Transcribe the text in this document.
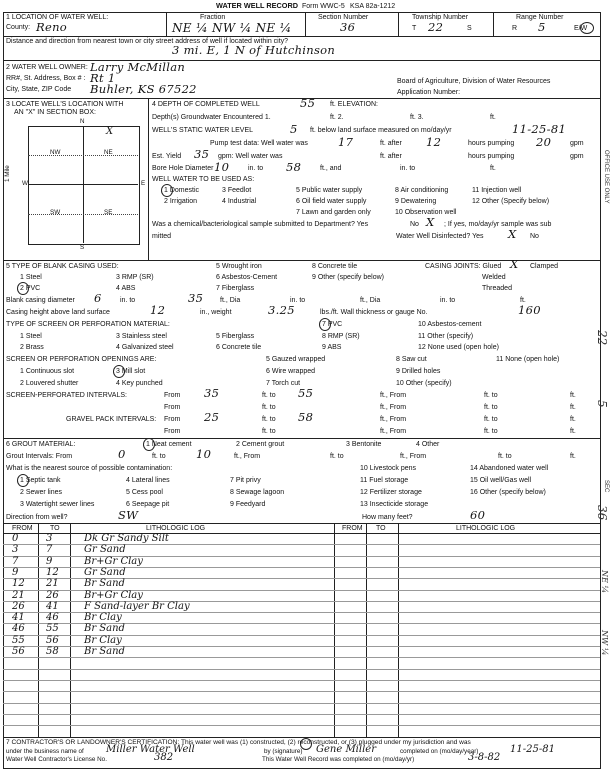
WATER WELL RECORD Form WWC-5 KSA 82a-1212
1 LOCATION OF WATER WELL:
County: Reno
Fraction
NE ¼ NW ¼ NE ¼
Section Number
36
Township Number
T 22	S
Range Number
R 5	E/W
Distance and direction from nearest town or city street address of well if located within city?
3 mi. E, 1 N of Hutchinson
2 WATER WELL OWNER: Larry McMillan
RR#, St. Address, Box # : Rt 1
City, State, ZIP Code Buhler, KS 67522
Board of Agriculture, Division of Water Resources
Application Number:
3 LOCATE WELL'S LOCATION WITH
AN "X" IN SECTION BOX:
N
S
W	E
NW	NE
SW	SE
X
1 Mile
4 DEPTH OF COMPLETED WELL	55 ft. ELEVATION:
Depth(s) Groundwater Encountered 1.	ft. 2.	ft. 3.	ft.
WELL'S STATIC WATER LEVEL	5 ft. below land surface measured on mo/day/yr	11-25-81
Pump test data: Well water was	17	ft. after 12	hours pumping 20	gpm
Est. Yield 35 gpm: Well water was	ft. after	hours pumping	gpm
Bore Hole Diameter 10	in. to 58	ft., and	in. to	ft.
WELL WATER TO BE USED AS:
1 Domestic	3 Feedlot	5 Public water supply	8 Air conditioning	11 Injection well
2 Irrigation	4 Industrial	6 Oil field water supply	9 Dewatering	12 Other (Specify below)
7 Lawn and garden only	10 Observation well
Was a chemical/bacteriological sample submitted to Department? Yes	No X ; If yes, mo/day/yr sample was sub
mitted	Water Well Disinfected? Yes X No
5 TYPE OF BLANK CASING USED:
1 Steel	3 RMP (SR)
5 Wrought iron	8 Concrete tile
2 PVC	4 ABS
6 Asbestos-Cement	9 Other (specify below)
7 Fiberglass
CASING JOINTS: Glued X Clamped
Welded
Threaded
Blank casing diameter 6	in. to	35 ft., Dia	in. to	ft., Dia	in. to	ft.
Casing height above land surface	12	in., weight	3.25	lbs./ft. Wall thickness or gauge No.	160
TYPE OF SCREEN OR PERFORATION MATERIAL:
1 Steel	3 Stainless steel	5 Fiberglass
7 PVC	10 Asbestos-cement
2 Brass	4 Galvanized steel	6 Concrete tile
8 RMP (SR)	11 Other (specify)
9 ABS	12 None used (open hole)
SCREEN OR PERFORATION OPENINGS ARE:
1 Continuous slot	3 Mill slot
5 Gauzed wrapped	8 Saw cut	11 None (open hole)
2 Louvered shutter	4 Key punched
6 Wire wrapped	9 Drilled holes
7 Torch cut	10 Other (specify)
SCREEN-PERFORATED INTERVALS:	From 35	ft. to 55	ft., From	ft. to	ft.
From	ft. to	ft., From	ft. to	ft.
GRAVEL PACK INTERVALS: From 25	ft. to 58	ft., From	ft. to	ft.
From	ft. to	ft., From	ft. to	ft.
6 GROUT MATERIAL:	1 Neat cement	2 Cement grout	3 Bentonite	4 Other
Grout Intervals: From	0	ft. to	10	ft., From	ft. to	ft., From	ft. to	ft.
What is the nearest source of possible contamination:
1 Septic tank	4 Lateral lines	7 Pit privy
10 Livestock pens	14 Abandoned water well
2 Sewer lines	5 Cess pool	8 Sewage lagoon
11 Fuel storage	15 Oil well/Gas well
3 Watertight sewer lines	6 Seepage pit	9 Feedyard
12 Fertilizer storage	16 Other (specify below)
13 Insecticide storage
Direction from well?	SW	How many feet?	60
FROM TO	LITHOLOGIC LOG	FROM TO	LITHOLOGIC LOG
0	3	Dk Gr Sandy Silt
3	7	Gr Sand
7	9	Br+Gr Clay
9	12	Gr Sand
12 21	Br Sand
21 26	Br+Gr Clay
26 41	F Sand-layer Br Clay
41 46	Br Clay
46 55	Br Sand
55 56	Br Clay
56 58	Br Sand
7 CONTRACTOR'S OR LANDOWNER'S CERTIFICATION: This water well was (1) constructed, (2) reconstructed, or (3) plugged under my jurisdiction and was
completed on (mo/day/year)	11-25-81
Water Well Contractor's License No.	382	This Water Well Record was completed on (mo/day/yr)	3-8-82
under the business name of Miller Water Well	by (signature) Gene Miller
OFFICE USE ONLY
22
5
SEC
36
NE ¼
NW ¼
